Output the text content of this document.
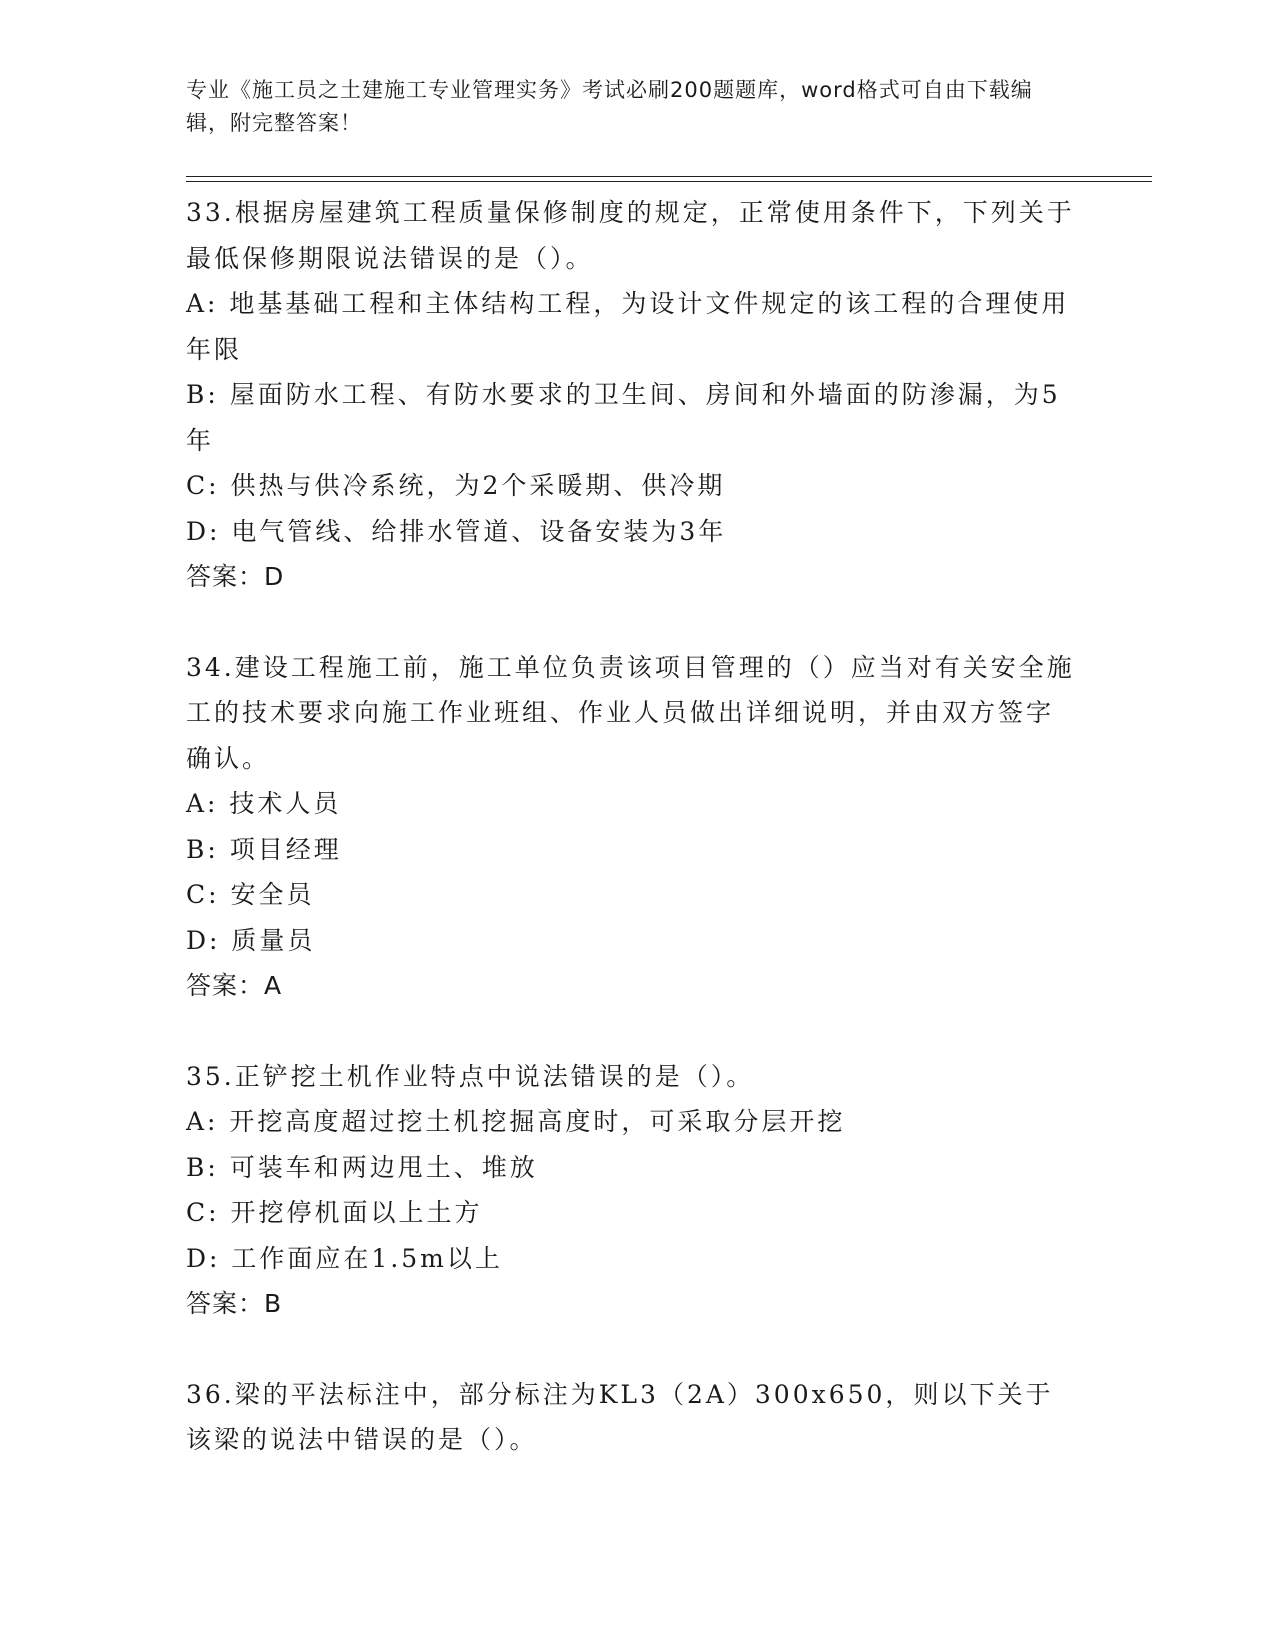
专业《施工员之土建施工专业管理实务》考试必刷200题题库，word格式可自由下载编辑，附完整答案！

33.根据房屋建筑工程质量保修制度的规定，正常使用条件下，下列关于最低保修期限说法错误的是（）。

A: 地基基础工程和主体结构工程，为设计文件规定的该工程的合理使用年限

B: 屋面防水工程、有防水要求的卫生间、房间和外墙面的防渗漏，为5年

C: 供热与供冷系统，为2个采暖期、供冷期

D: 电气管线、给排水管道、设备安装为3年

答案：D

34.建设工程施工前，施工单位负责该项目管理的（）应当对有关安全施工的技术要求向施工作业班组、作业人员做出详细说明，并由双方签字确认。

A: 技术人员

B: 项目经理

C: 安全员

D: 质量员

答案：A

35.正铲挖土机作业特点中说法错误的是（）。

A: 开挖高度超过挖土机挖掘高度时，可采取分层开挖

B: 可装车和两边甩土、堆放

C: 开挖停机面以上土方

D: 工作面应在1.5m以上

答案：B

36.梁的平法标注中，部分标注为KL3（2A）300x650，则以下关于该梁的说法中错误的是（）。
